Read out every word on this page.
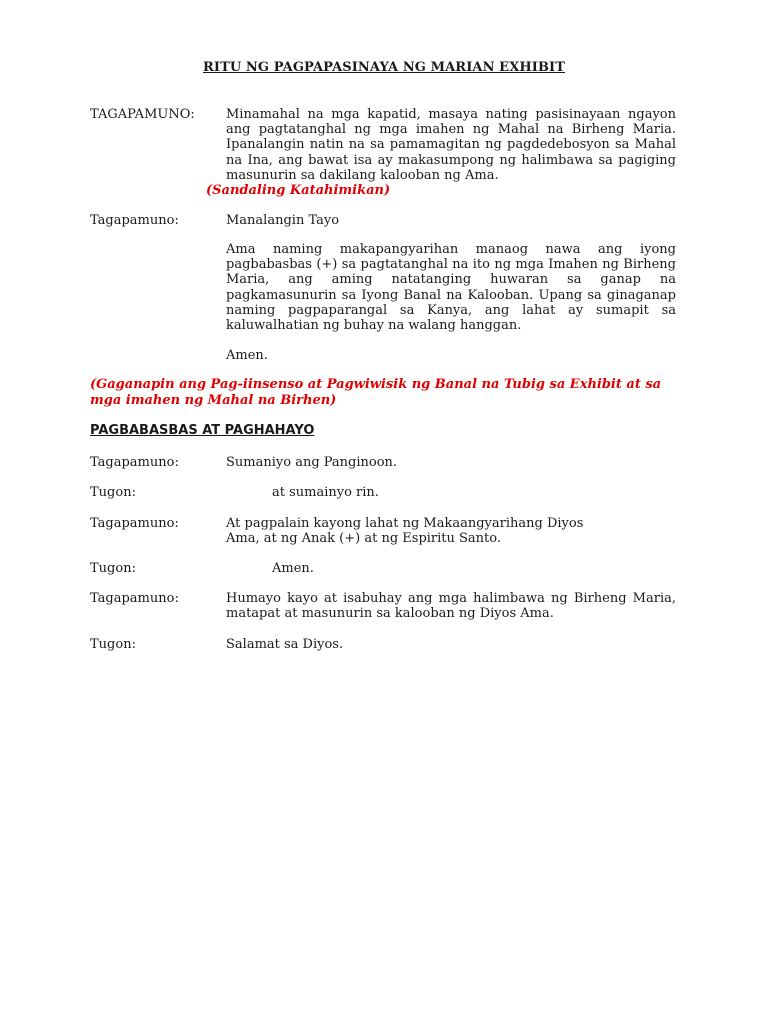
RITU NG PAGPAPASINAYA NG MARIAN EXHIBIT
TAGAPAMUNO:	Minamahal na mga kapatid, masaya nating pasisinayaan ngayon ang pagtatanghal ng mga imahen ng Mahal na Birheng Maria. Ipanalangin natin na sa pamamagitan ng pagdedebosyon sa Mahal na Ina, ang bawat isa ay makasumpong ng halimbawa sa pagiging masunurin sa dakilang kalooban ng Ama.
(Sandaling Katahimikan)
Tagapamuno:	Manalangin Tayo
Ama naming makapangyarihan manaog nawa ang iyong pagbabasbas (+) sa pagtatanghal na ito ng mga Imahen ng Birheng Maria, ang aming natatanging huwaran sa ganap na pagkamasunurin sa Iyong Banal na Kalooban. Upang sa ginaganap naming pagpaparangal sa Kanya, ang lahat ay sumapit sa kaluwalhatian ng buhay na walang hanggan.
Amen.
(Gaganapin ang Pag-iinsenso at Pagwiwisik ng Banal na Tubig sa Exhibit at sa mga imahen ng Mahal na Birhen)
PAGBABASBAS AT PAGHAHAYO
Tagapamuno:	Sumaniyo ang Panginoon.
Tugon:	at sumainyo rin.
Tagapamuno:	At pagpalain kayong lahat ng Makaangyarihang Diyos
Ama, at ng Anak (+) at ng Espiritu Santo.
Tugon:	Amen.
Tagapamuno:	Humayo kayo at isabuhay ang mga halimbawa ng Birheng Maria, matapat at masunurin sa kalooban ng Diyos Ama.
Tugon:	Salamat sa Diyos.
